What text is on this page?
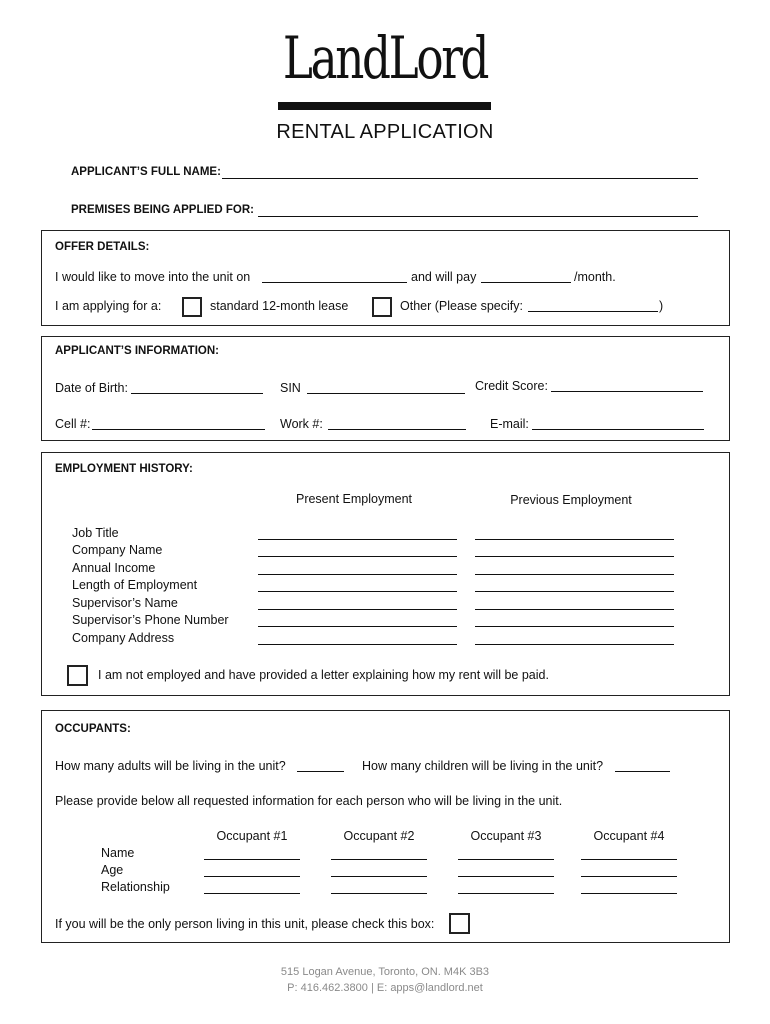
LandLord
RENTAL APPLICATION
APPLICANT’S FULL NAME:
PREMISES BEING APPLIED FOR:
OFFER DETAILS:
I would like to move into the unit on	and will pay	/month.
I am applying for a:	standard 12-month lease	Other (Please specify:	)
APPLICANT’S INFORMATION:
Date of Birth:	SIN	Credit Score:
Cell #:	Work #:	E-mail:
EMPLOYMENT HISTORY:
Present Employment	Previous Employment
Job Title
Company Name
Annual Income
Length of Employment
Supervisor’s Name
Supervisor’s Phone Number
Company Address
I am not employed and have provided a letter explaining how my rent will be paid.
OCCUPANTS:
How many adults will be living in the unit?	How many children will be living in the unit?
Please provide below all requested information for each person who will be living in the unit.
Occupant #1	Occupant #2	Occupant #3	Occupant #4
Name
Age
Relationship
If you will be the only person living in this unit, please check this box:
515 Logan Avenue, Toronto, ON. M4K 3B3
P: 416.462.3800 | E: apps@landlord.net
